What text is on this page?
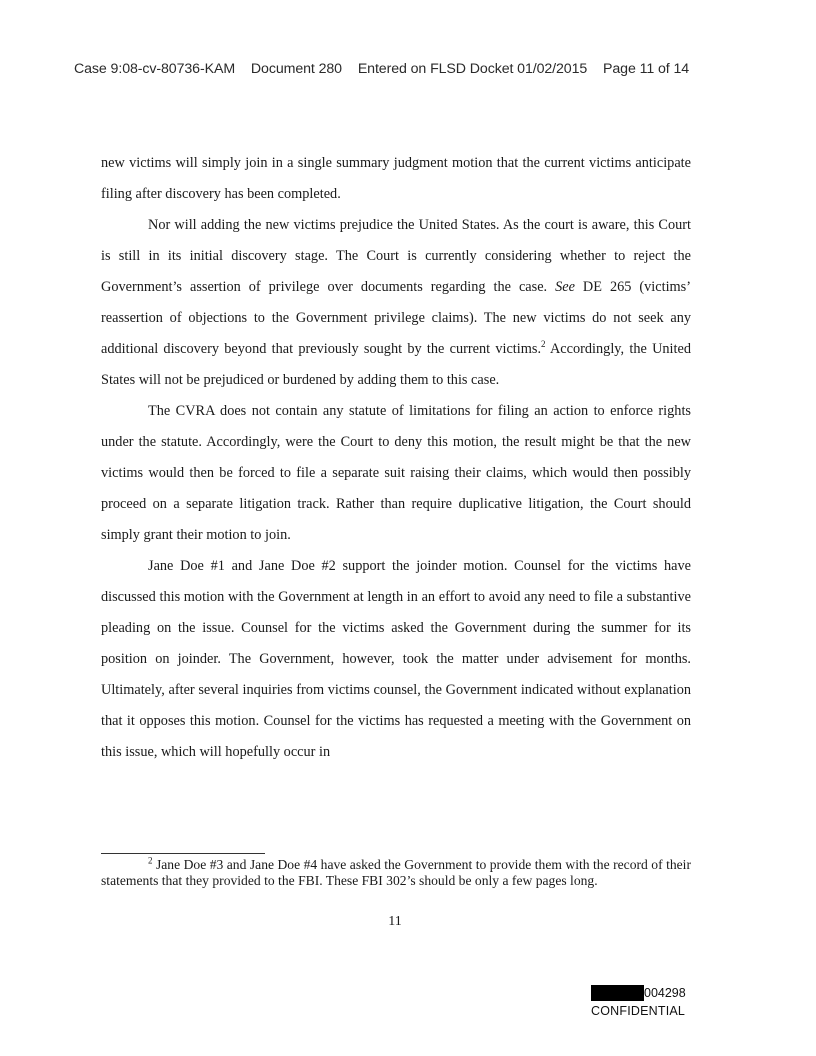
Case 9:08-cv-80736-KAM Document 280 Entered on FLSD Docket 01/02/2015 Page 11 of 14

new victims will simply join in a single summary judgment motion that the current victims anticipate filing after discovery has been completed.

Nor will adding the new victims prejudice the United States. As the court is aware, this Court is still in its initial discovery stage. The Court is currently considering whether to reject the Government’s assertion of privilege over documents regarding the case. See DE 265 (victims’ reassertion of objections to the Government privilege claims). The new victims do not seek any additional discovery beyond that previously sought by the current victims.$^2$ Accordingly, the United States will not be prejudiced or burdened by adding them to this case.

The CVRA does not contain any statute of limitations for filing an action to enforce rights under the statute. Accordingly, were the Court to deny this motion, the result might be that the new victims would then be forced to file a separate suit raising their claims, which would then possibly proceed on a separate litigation track. Rather than require duplicative litigation, the Court should simply grant their motion to join.

Jane Doe #1 and Jane Doe #2 support the joinder motion. Counsel for the victims have discussed this motion with the Government at length in an effort to avoid any need to file a substantive pleading on the issue. Counsel for the victims asked the Government during the summer for its position on joinder. The Government, however, took the matter under advisement for months. Ultimately, after several inquiries from victims counsel, the Government indicated without explanation that it opposes this motion. Counsel for the victims has requested a meeting with the Government on this issue, which will hopefully occur in

$^2$ Jane Doe #3 and Jane Doe #4 have asked the Government to provide them with the record of their statements that they provided to the FBI. These FBI 302’s should be only a few pages long.
11
004298
CONFIDENTIAL
